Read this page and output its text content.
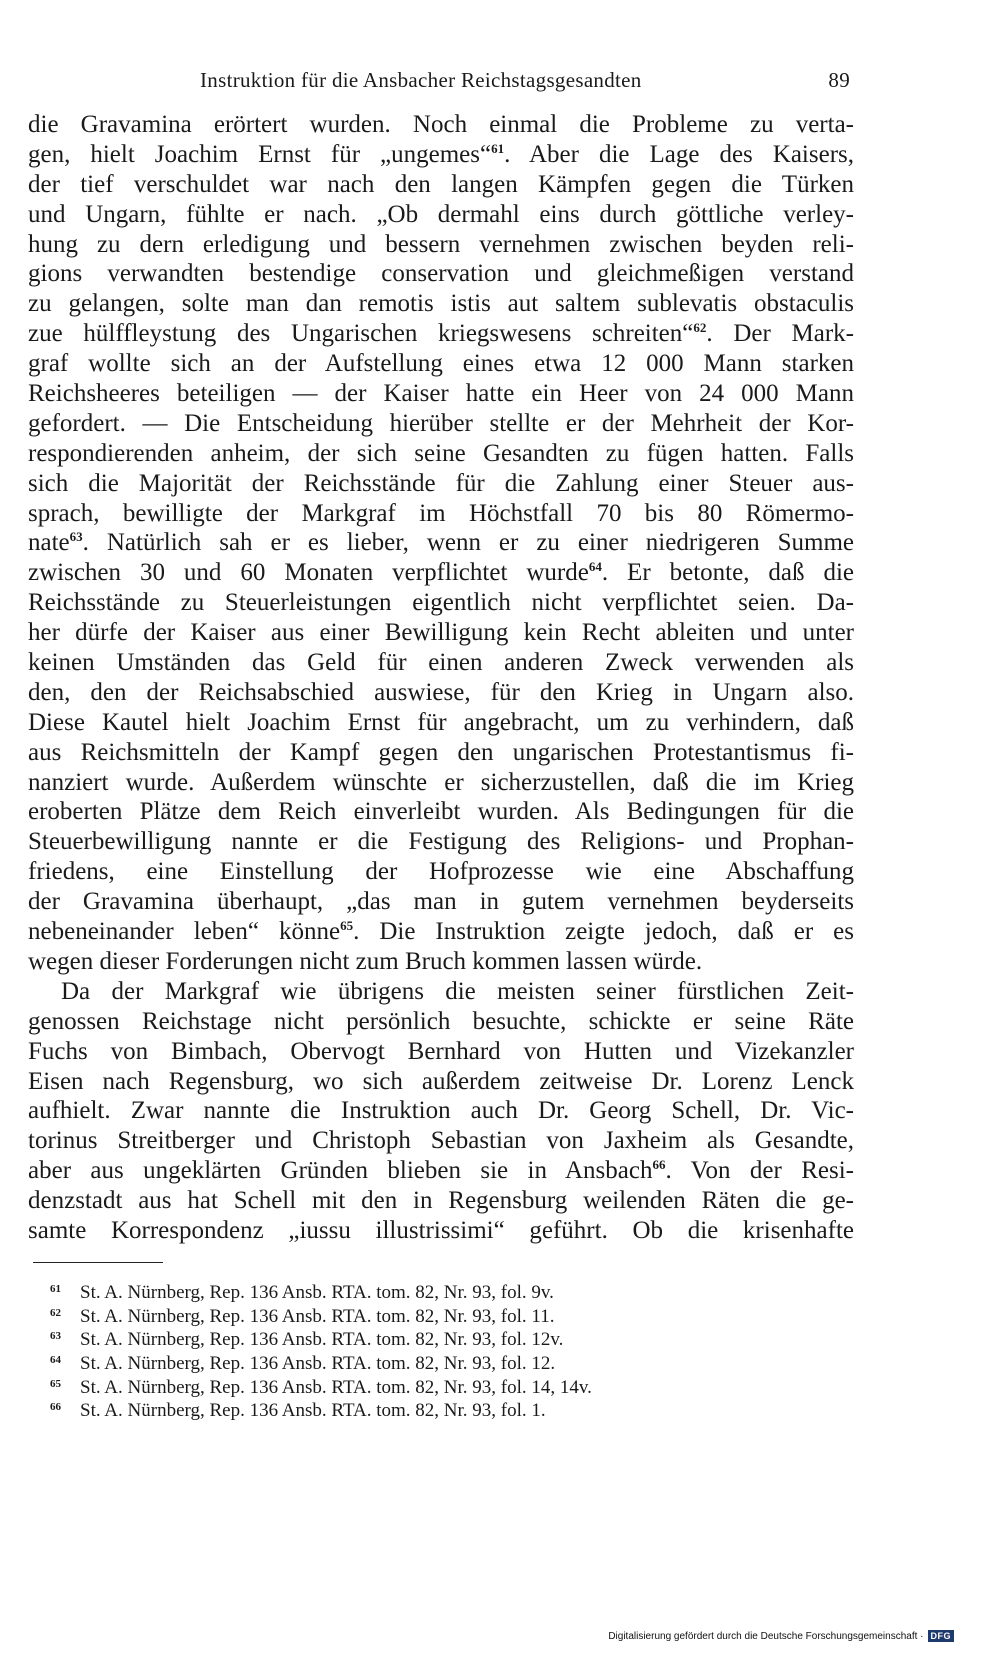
Instruktion für die Ansbacher Reichstagsgesandten	89
die Gravamina erörtert wurden. Noch einmal die Probleme zu verta-
gen, hielt Joachim Ernst für „ungemes“$^{61}$. Aber die Lage des Kaisers,
der tief verschuldet war nach den langen Kämpfen gegen die Türken
und Ungarn, fühlte er nach. „Ob dermahl eins durch göttliche verley-
hung zu dern erledigung und bessern vernehmen zwischen beyden reli-
gions verwandten bestendige conservation und gleichmeßigen verstand
zu gelangen, solte man dan remotis istis aut saltem sublevatis obstaculis
zue hülffleystung des Ungarischen kriegswesens schreiten“$^{62}$. Der Mark-
graf wollte sich an der Aufstellung eines etwa 12 000 Mann starken
Reichsheeres beteiligen — der Kaiser hatte ein Heer von 24 000 Mann
gefordert. — Die Entscheidung hierüber stellte er der Mehrheit der Kor-
respondierenden anheim, der sich seine Gesandten zu fügen hatten. Falls
sich die Majorität der Reichsstände für die Zahlung einer Steuer aus-
sprach, bewilligte der Markgraf im Höchstfall 70 bis 80 Römermo-
nate$^{63}$. Natürlich sah er es lieber, wenn er zu einer niedrigeren Summe
zwischen 30 und 60 Monaten verpflichtet wurde$^{64}$. Er betonte, daß die
Reichsstände zu Steuerleistungen eigentlich nicht verpflichtet seien. Da-
her dürfe der Kaiser aus einer Bewilligung kein Recht ableiten und unter
keinen Umständen das Geld für einen anderen Zweck verwenden als
den, den der Reichsabschied auswiese, für den Krieg in Ungarn also.
Diese Kautel hielt Joachim Ernst für angebracht, um zu verhindern, daß
aus Reichsmitteln der Kampf gegen den ungarischen Protestantismus fi-
nanziert wurde. Außerdem wünschte er sicherzustellen, daß die im Krieg
eroberten Plätze dem Reich einverleibt wurden. Als Bedingungen für die
Steuerbewilligung nannte er die Festigung des Religions- und Prophan-
friedens, eine Einstellung der Hofprozesse wie eine Abschaffung
der Gravamina überhaupt, „das man in gutem vernehmen beyderseits
nebeneinander leben“ könne$^{65}$. Die Instruktion zeigte jedoch, daß er es
wegen dieser Forderungen nicht zum Bruch kommen lassen würde.
Da der Markgraf wie übrigens die meisten seiner fürstlichen Zeit-
genossen Reichstage nicht persönlich besuchte, schickte er seine Räte
Fuchs von Bimbach, Obervogt Bernhard von Hutten und Vizekanzler
Eisen nach Regensburg, wo sich außerdem zeitweise Dr. Lorenz Lenck
aufhielt. Zwar nannte die Instruktion auch Dr. Georg Schell, Dr. Vic-
torinus Streitberger und Christoph Sebastian von Jaxheim als Gesandte,
aber aus ungeklärten Gründen blieben sie in Ansbach$^{66}$. Von der Resi-
denzstadt aus hat Schell mit den in Regensburg weilenden Räten die ge-
samte Korrespondenz „iussu illustrissimi“ geführt. Ob die krisenhafte
61 St. A. Nürnberg, Rep. 136 Ansb. RTA. tom. 82, Nr. 93, fol. 9v.
62 St. A. Nürnberg, Rep. 136 Ansb. RTA. tom. 82, Nr. 93, fol. 11.
63 St. A. Nürnberg, Rep. 136 Ansb. RTA. tom. 82, Nr. 93, fol. 12v.
64 St. A. Nürnberg, Rep. 136 Ansb. RTA. tom. 82, Nr. 93, fol. 12.
65 St. A. Nürnberg, Rep. 136 Ansb. RTA. tom. 82, Nr. 93, fol. 14, 14v.
66 St. A. Nürnberg, Rep. 136 Ansb. RTA. tom. 82, Nr. 93, fol. 1.
Digitalisierung gefördert durch die Deutsche Forschungsgemeinschaft · DFG
